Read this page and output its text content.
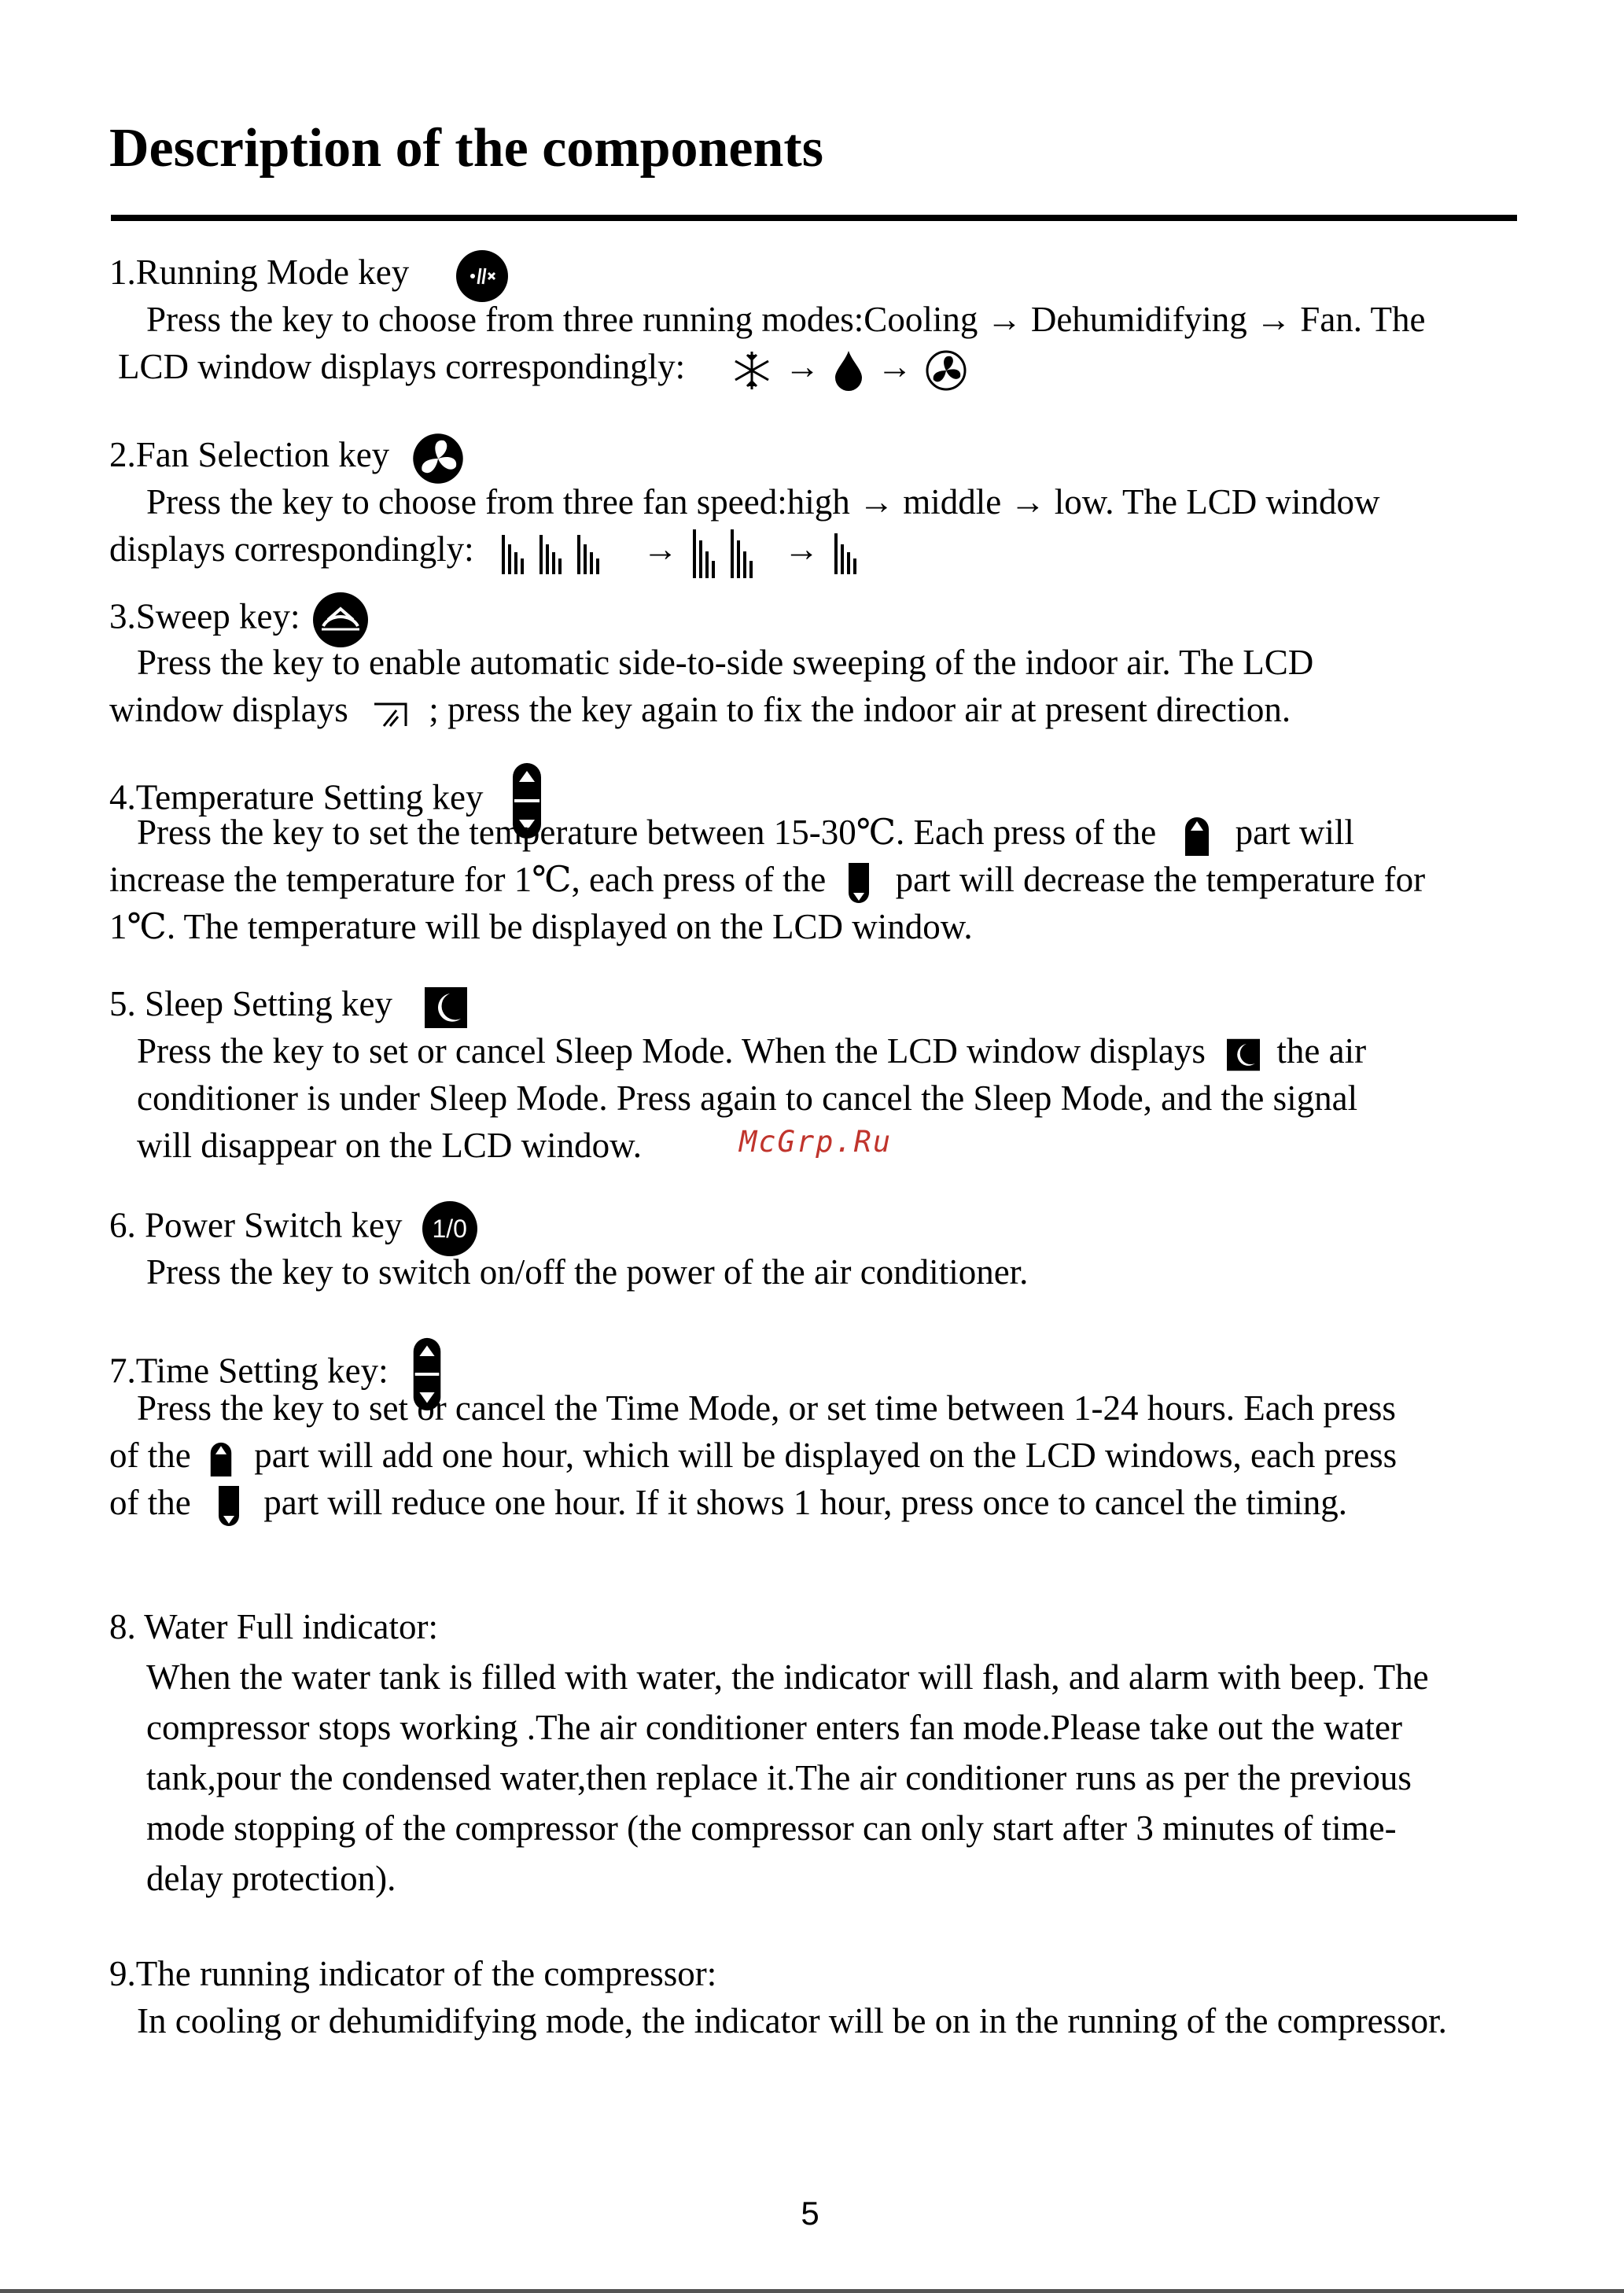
Description of the components
1.Running Mode key
Press the key to choose from three running modes:Cooling → Dehumidifying → Fan. The
LCD window displays correspondingly:	→ →
2.Fan Selection key
Press the key to choose from three fan speed:high → middle → low. The LCD window
displays correspondingly:	→	→
3.Sweep key:
Press the key to enable automatic side-to-side sweeping of the indoor air. The LCD
window displays ; press the key again to fix the indoor air at present direction.
4.Temperature Setting key
Press the key to set the temperature between 15-30℃. Each press of the part will
increase the temperature for 1℃, each press of the part will decrease the temperature for
1℃. The temperature will be displayed on the LCD window.
5. Sleep Setting key
Press the key to set or cancel Sleep Mode. When the LCD window displays the air
conditioner is under Sleep Mode. Press again to cancel the Sleep Mode, and the signal
will disappear on the LCD window.	McGrp.Ru
6. Power Switch key 1/0
Press the key to switch on/off the power of the air conditioner.
7.Time Setting key:
Press the key to set or cancel the Time Mode, or set time between 1-24 hours. Each press
of the part will add one hour, which will be displayed on the LCD windows, each press
of the part will reduce one hour. If it shows 1 hour, press once to cancel the timing.
8. Water Full indicator:
When the water tank is filled with water, the indicator will flash, and alarm with beep. The
compressor stops working .The air conditioner enters fan mode.Please take out the water
tank,pour the condensed water,then replace it.The air conditioner runs as per the previous
mode stopping of the compressor (the compressor can only start after 3 minutes of time-
delay protection).
9.The running indicator of the compressor:
In cooling or dehumidifying mode, the indicator will be on in the running of the compressor.
5
